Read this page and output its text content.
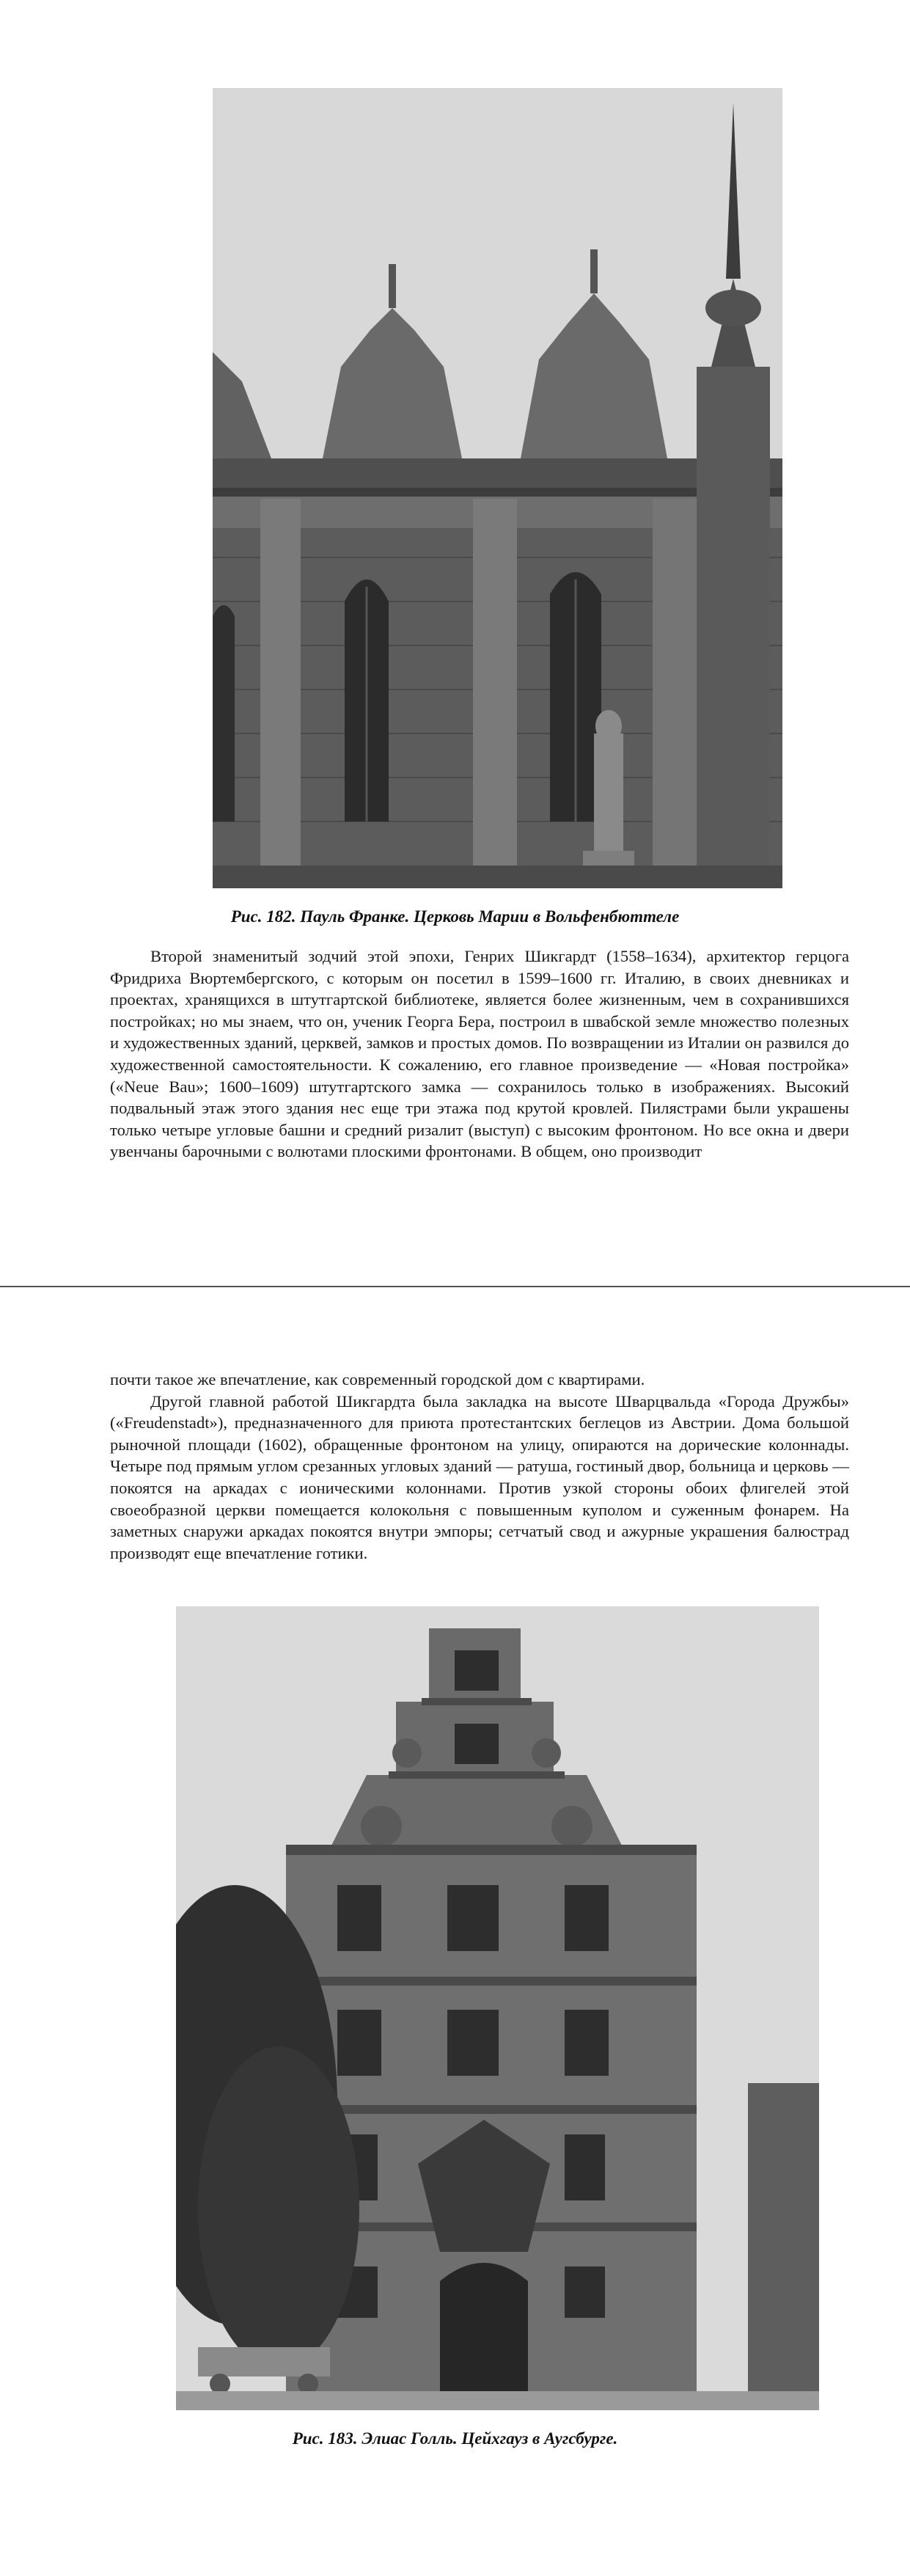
Рис. 182. Пауль Франке. Церковь Марии в Вольфенбюттеле

Второй знаменитый зодчий этой эпохи, Генрих Шикгардт (1558–1634), архитектор герцога Фридриха Вюртембергского, с которым он посетил в 1599–1600 гг. Италию, в своих дневниках и проектах, хранящихся в штутгартской библиотеке, является более жизненным, чем в сохранившихся постройках; но мы знаем, что он, ученик Георга Бера, построил в швабской земле множество полезных и художественных зданий, церквей, замков и простых домов. По возвращении из Италии он развился до художественной самостоятельности. К сожалению, его главное произведение — «Новая постройка» («Neue Bau»; 1600–1609) штутгартского замка — сохранилось только в изображениях. Высокий подвальный этаж этого здания нес еще три этажа под крутой кровлей. Пилястрами были украшены только четыре угловые башни и средний ризалит (выступ) с высоким фронтоном. Но все окна и двери увенчаны барочными с волютами плоскими фронтонами. В общем, оно производит

почти такое же впечатление, как современный городской дом с квартирами.

Другой главной работой Шикгардта была закладка на высоте Шварцвальда «Города Дружбы» («Freudenstadt»), предназначенного для приюта протестантских беглецов из Австрии. Дома большой рыночной площади (1602), обращенные фронтоном на улицу, опираются на дорические колоннады. Четыре под прямым углом срезанных угловых зданий — ратуша, гостиный двор, больница и церковь — покоятся на аркадах с ионическими колоннами. Против узкой стороны обоих флигелей этой своеобразной церкви помещается колокольня с повышенным куполом и суженным фонарем. На заметных снаружи аркадах покоятся внутри эмпоры; сетчатый свод и ажурные украшения балюстрад производят еще впечатление готики.

Рис. 183. Элиас Голль. Цейхгауз в Аугсбурге.
